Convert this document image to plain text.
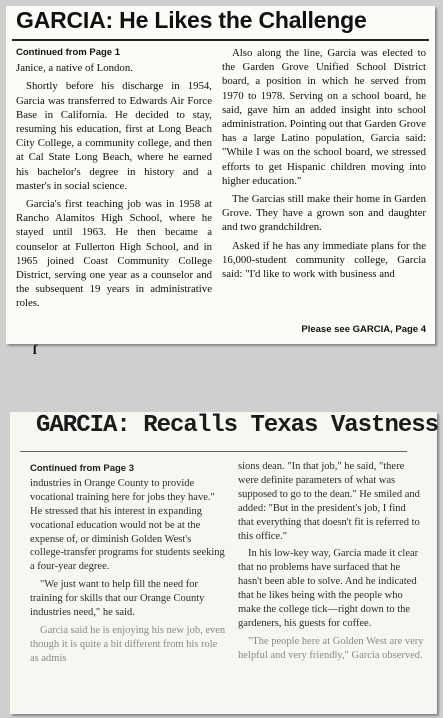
GARCIA: He Likes the Challenge
Continued from Page 1

Janice, a native of London.

Shortly before his discharge in 1954, Garcia was transferred to Edwards Air Force Base in California. He decided to stay, resuming his education, first at Long Beach City College, a community college, and then at Cal State Long Beach, where he earned his bachelor's degree in history and a master's in social science.

Garcia's first teaching job was in 1958 at Rancho Alamitos High School, where he stayed until 1963. He then became a counselor at Fullerton High School, and in 1965 joined Coast Community College District, serving one year as a counselor and the subsequent 19 years in administrative roles.

Also along the line, Garcia was elected to the Garden Grove Unified School District board, a position in which he served from 1970 to 1978. Serving on a school board, he said, gave him an added insight into school administration. Pointing out that Garden Grove has a large Latino population, Garcia said: "While I was on the school board, we stressed efforts to get Hispanic children moving into higher education."

The Garcias still make their home in Garden Grove. They have a grown son and daughter and two grandchildren.

Asked if he has any immediate plans for the 16,000-student community college, Garcia said: "I'd like to work with business and

Please see GARCIA, Page 4
ſ
GARCIA: Recalls Texas Vastness
Continued from Page 3

industries in Orange County to provide vocational training here for jobs they have." He stressed that his interest in expanding vocational education would not be at the expense of, or diminish Golden West's college-transfer programs for students seeking a four-year degree.

"We just want to help fill the need for training for skills that our Orange County industries need," he said.

Garcia said he is enjoying his new job, even though it is quite a bit different from his role as admis

sions dean. "In that job," he said, "there were definite parameters of what was supposed to go to the dean." He smiled and added: "But in the president's job, I find that everything that doesn't fit is referred to this office."

In his low-key way, Garcia made it clear that no problems have surfaced that he hasn't been able to solve. And he indicated that he likes being with the people who make the college tick—right down to the gardeners, his guests for coffee.

"The people here at Golden West are very helpful and very friendly," Garcia observed.
